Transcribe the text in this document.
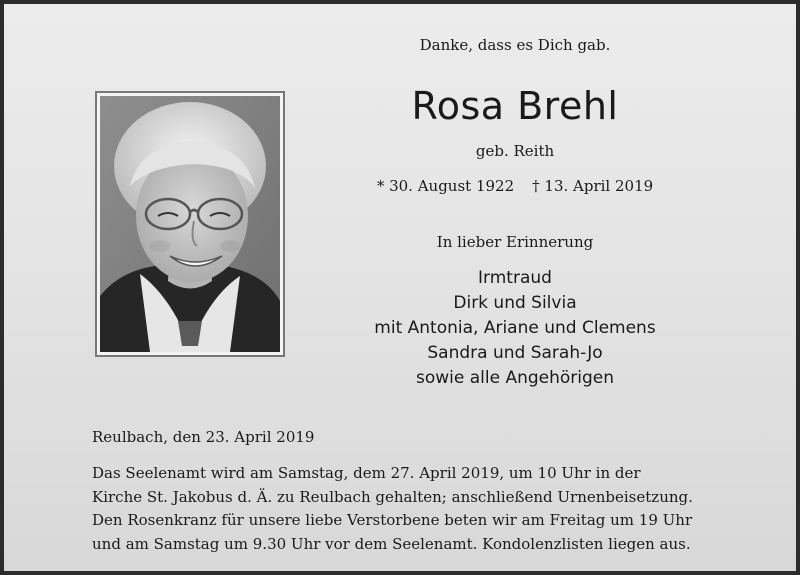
Danke, dass es Dich gab.
Rosa Brehl
geb. Reith
* 30. August 1922 † 13. April 2019
In lieber Erinnerung
Irmtraud
Dirk und Silvia
mit Antonia, Ariane und Clemens
Sandra und Sarah-Jo
sowie alle Angehörigen
Reulbach, den 23. April 2019
Das Seelenamt wird am Samstag, dem 27. April 2019, um 10 Uhr in der
Kirche St. Jakobus d. Ä. zu Reulbach gehalten; anschließend Urnenbeisetzung.
Den Rosenkranz für unsere liebe Verstorbene beten wir am Freitag um 19 Uhr
und am Samstag um 9.30 Uhr vor dem Seelenamt. Kondolenzlisten liegen aus.
